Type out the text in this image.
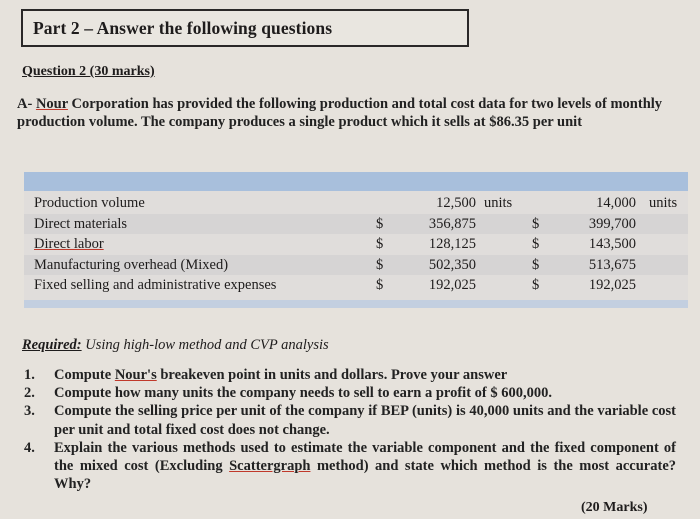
Part 2 – Answer the following questions
Question 2 (30 marks)
A- Nour Corporation has provided the following production and total cost data for two levels of monthly production volume. The company produces a single product which it sells at $86.35 per unit
Production volume	12,500 units	14,000 units
Direct materials	$	356,875	$	399,700
Direct labor	$	128,125	$	143,500
Manufacturing overhead (Mixed)	$	502,350	$	513,675
Fixed selling and administrative expenses	$	192,025	$	192,025
Required: Using high-low method and CVP analysis
1.	Compute Nour's breakeven point in units and dollars. Prove your answer
2.	Compute how many units the company needs to sell to earn a profit of $ 600,000.
3.	Compute the selling price per unit of the company if BEP (units) is 40,000 units and the variable cost per unit and total fixed cost does not change.
4.	Explain the various methods used to estimate the variable component and the fixed component of the mixed cost (Excluding Scattergraph method) and state which method is the most accurate? Why?
(20 Marks)
